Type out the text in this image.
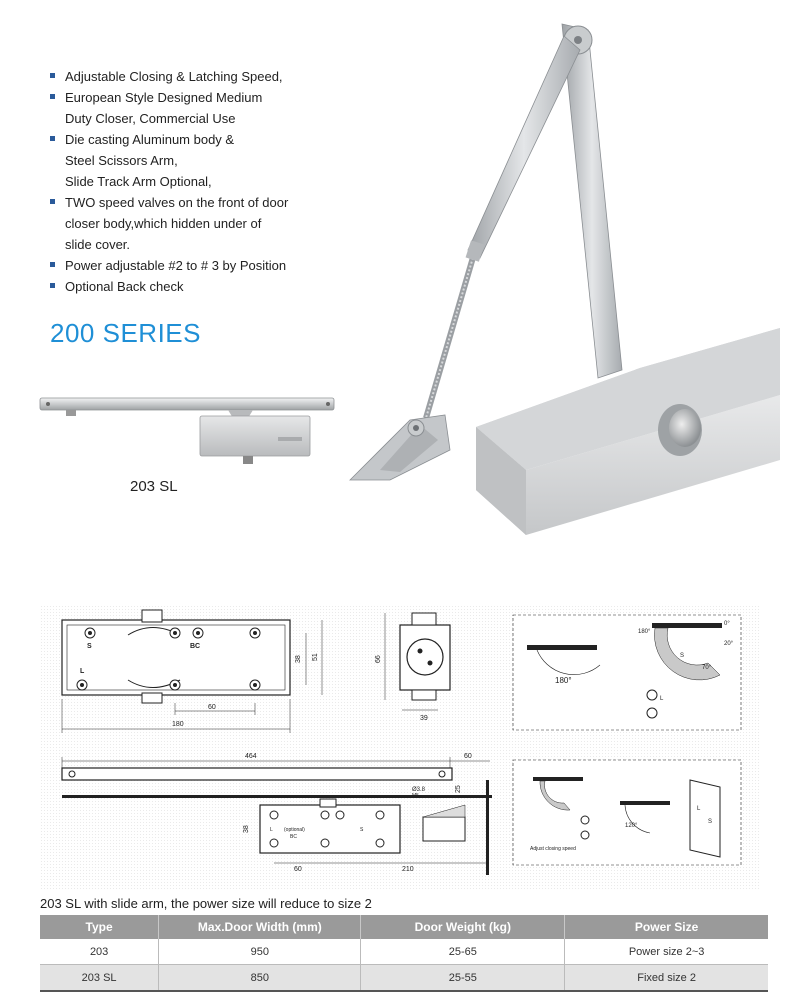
Adjustable Closing & Latching Speed,
European Style Designed Medium
Duty Closer, Commercial Use
Die casting Aluminum body &
Steel Scissors Arm,
Slide Track Arm Optional,
TWO speed valves on the front of door
closer body,which hidden under of
slide cover.
Power adjustable #2 to # 3 by Position
Optional Back check
200 SERIES
203 SL
S	BC
L
60
180
38 51	66
39
180°
180°
0°
20°
70°
S
L
464	60
Ø3.8
M5
25
(optional)
BC
S
L
38
60	210
Adjust closing speed
120°
L
S
203 SL with slide arm, the power size will reduce to size 2
Type	Max.Door Width (mm)	Door Weight (kg)	Power Size
203	950	25-65	Power size 2~3
203 SL	850	25-55	Fixed size 2
